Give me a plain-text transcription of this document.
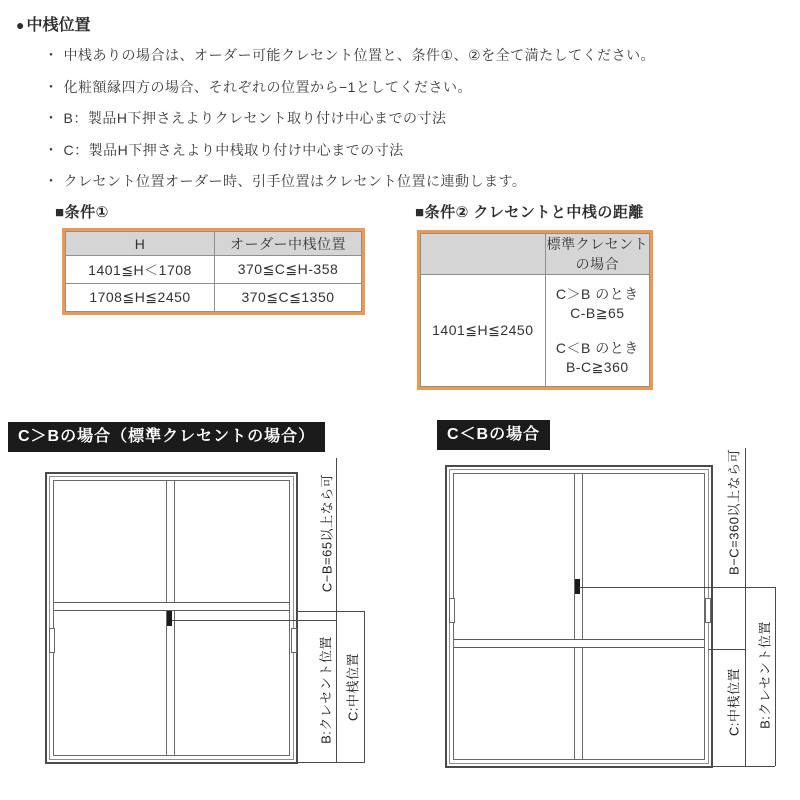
● 中桟位置
・ 中桟ありの場合は、オーダー可能クレセント位置と、条件①、②を全て満たしてください。
・ 化粧額縁四方の場合、それぞれの位置から−1としてください。
・ B：製品H下押さえよりクレセント取り付け中心までの寸法
・ C：製品H下押さえより中桟取り付け中心までの寸法
・ クレセント位置オーダー時、引手位置はクレセント位置に連動します。
■条件①
H	オーダー中桟位置
1401≦H＜1708	370≦C≦H-358
1708≦H≦2450	370≦C≦1350
■条件② クレセントと中桟の距離

	標準クレセント
の場合

1401≦H≦2450	C＞B のとき
C-B≧65
C＜B のとき
B-C≧360
C＞Bの場合（標準クレセントの場合）
C−B=65以上なら可
B:クレセント位置 C:中桟位置
C＜Bの場合
B−C=360以上なら可
C:中桟位置 B:クレセント位置
